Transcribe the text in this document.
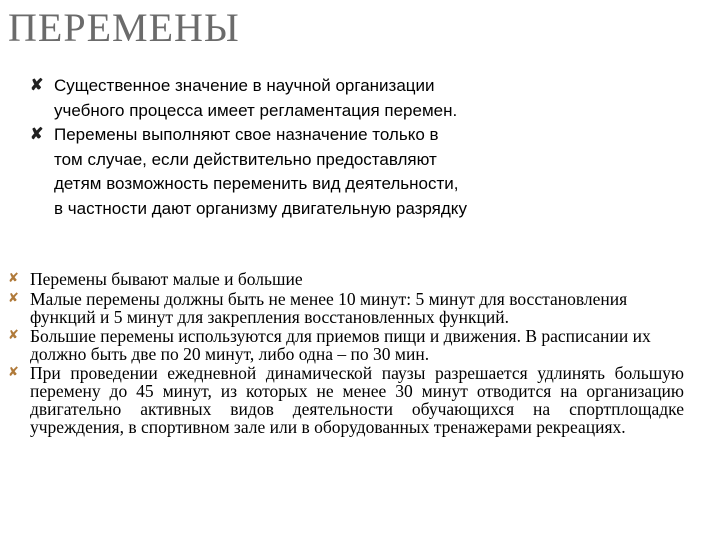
ПЕРЕМЕНЫ
✘ Существенное значение в научной организации учебного процесса имеет регламентация перемен.
✘ Перемены выполняют свое назначение только в том случае, если действительно предоставляют детям возможность переменить вид деятельности, в частности дают организму двигательную разрядку
✘ Перемены бывают малые и большие
✘ Малые перемены должны быть не менее 10 минут: 5 минут для восстановления функций и 5 минут для закрепления восстановленных функций.
✘ Большие перемены используются для приемов пищи и движения. В расписании их должно быть две по 20 минут, либо одна – по 30 мин.
✘ При проведении ежедневной динамической паузы разрешается удлинять большую перемену до 45 минут, из которых не менее 30 минут отводится на организацию двигательно активных видов деятельности обучающихся на спортплощадке учреждения, в спортивном зале или в оборудованных тренажерами рекреациях.
